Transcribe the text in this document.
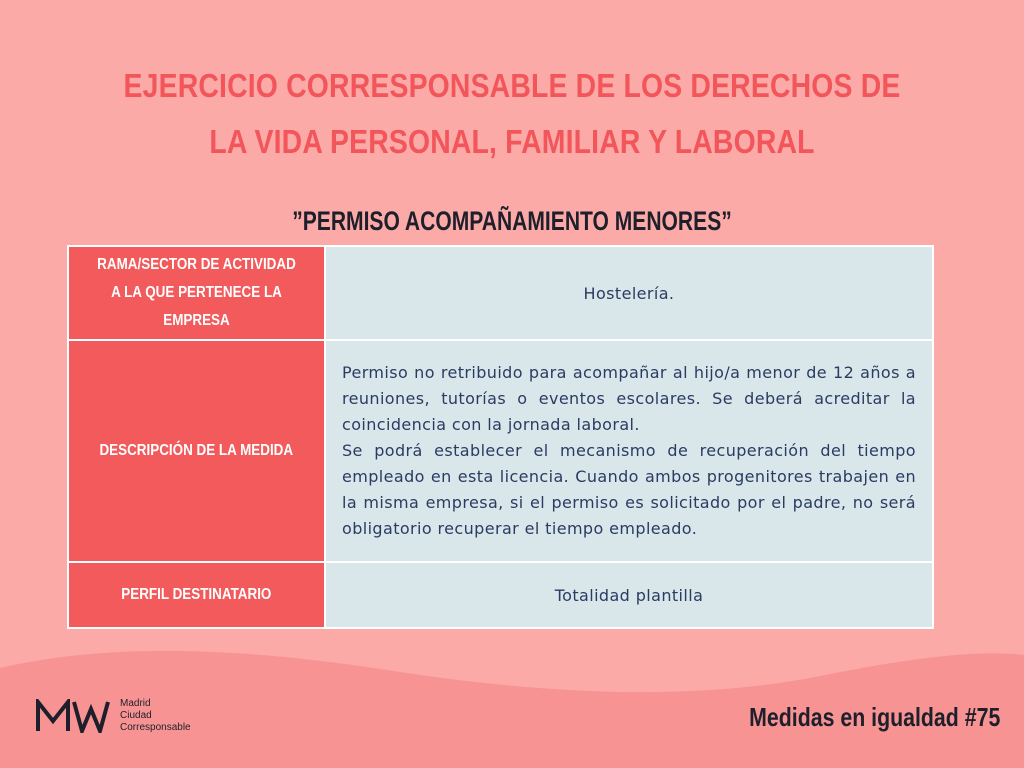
EJERCICIO CORRESPONSABLE DE LOS DERECHOS DE LA VIDA PERSONAL, FAMILIAR Y LABORAL
”PERMISO ACOMPAÑAMIENTO MENORES”
RAMA/SECTOR DE ACTIVIDAD A LA QUE PERTENECE LA EMPRESA	Hostelería.
DESCRIPCIÓN DE LA MEDIDA	Permiso no retribuido para acompañar al hijo/a menor de 12 años a reuniones, tutorías o eventos escolares. Se deberá acreditar la coincidencia con la jornada laboral.
Se podrá establecer el mecanismo de recuperación del tiempo empleado en esta licencia. Cuando ambos progenitores trabajen en la misma empresa, si el permiso es solicitado por el padre, no será obligatorio recuperar el tiempo empleado.

PERFIL DESTINATARIO	Totalidad plantilla
Madrid
Ciudad
Corresponsable	Medidas en igualdad #75
